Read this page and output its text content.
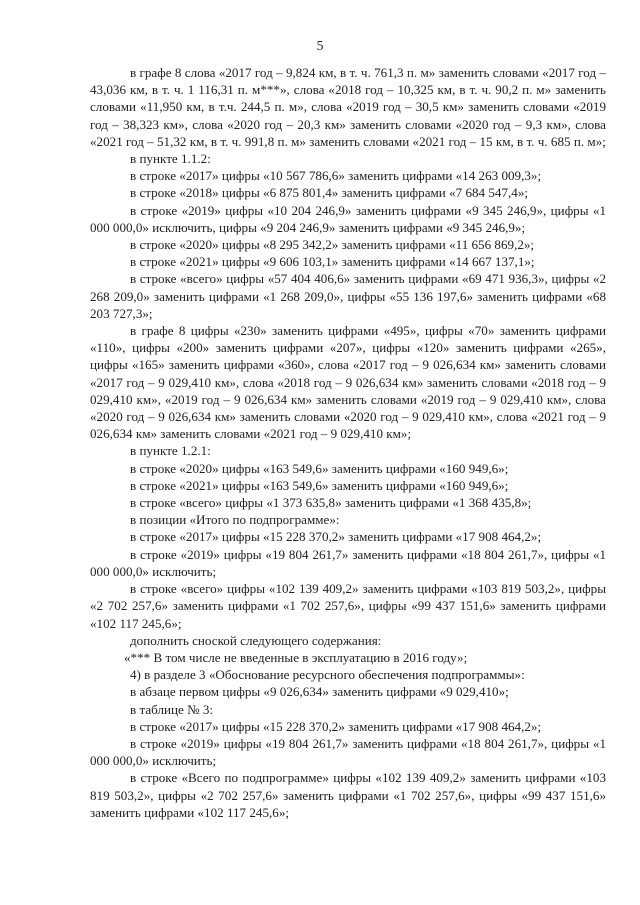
5

в графе 8 слова «2017 год – 9,824 км, в т. ч. 761,3 п. м» заменить словами «2017 год – 43,036 км, в т. ч. 1 116,31 п. м***», слова «2018 год – 10,325 км, в т. ч. 90,2 п. м» заменить словами «11,950 км, в т.ч. 244,5 п. м», слова «2019 год – 30,5 км» заменить словами «2019 год – 38,323 км», слова «2020 год – 20,3 км» заменить словами «2020 год – 9,3 км», слова «2021 год – 51,32 км, в т. ч. 991,8 п. м» заменить словами «2021 год – 15 км, в т. ч. 685 п. м»;

в пункте 1.1.2:

в строке «2017» цифры «10 567 786,6» заменить цифрами «14 263 009,3»;

в строке «2018» цифры «6 875 801,4» заменить цифрами «7 684 547,4»;

в строке «2019» цифры «10 204 246,9» заменить цифрами «9 345 246,9», цифры «1 000 000,0» исключить, цифры «9 204 246,9» заменить цифрами «9 345 246,9»;

в строке «2020» цифры «8 295 342,2» заменить цифрами «11 656 869,2»;

в строке «2021» цифры «9 606 103,1» заменить цифрами «14 667 137,1»;

в строке «всего» цифры «57 404 406,6» заменить цифрами «69 471 936,3», цифры «2 268 209,0» заменить цифрами «1 268 209,0», цифры «55 136 197,6» заменить цифрами «68 203 727,3»;

в графе 8 цифры «230» заменить цифрами «495», цифры «70» заменить цифрами «110», цифры «200» заменить цифрами «207», цифры «120» заменить цифрами «265», цифры «165» заменить цифрами «360», слова «2017 год – 9 026,634 км» заменить словами «2017 год – 9 029,410 км», слова «2018 год – 9 026,634 км» заменить словами «2018 год – 9 029,410 км», «2019 год – 9 026,634 км» заменить словами «2019 год – 9 029,410 км», слова «2020 год – 9 026,634 км» заменить словами «2020 год – 9 029,410 км», слова «2021 год – 9 026,634 км» заменить словами «2021 год – 9 029,410 км»;

в пункте 1.2.1:

в строке «2020» цифры «163 549,6» заменить цифрами «160 949,6»;

в строке «2021» цифры «163 549,6» заменить цифрами «160 949,6»;

в строке «всего» цифры «1 373 635,8» заменить цифрами «1 368 435,8»;

в позиции «Итого по подпрограмме»:

в строке «2017» цифры «15 228 370,2» заменить цифрами «17 908 464,2»;

в строке «2019» цифры «19 804 261,7» заменить цифрами «18 804 261,7», цифры «1 000 000,0» исключить;

в строке «всего» цифры «102 139 409,2» заменить цифрами «103 819 503,2», цифры «2 702 257,6» заменить цифрами «1 702 257,6», цифры «99 437 151,6» заменить цифрами «102 117 245,6»;

дополнить сноской следующего содержания:

«*** В том числе не введенные в эксплуатацию в 2016 году»;

4) в разделе 3 «Обоснование ресурсного обеспечения подпрограммы»:

в абзаце первом цифры «9 026,634» заменить цифрами «9 029,410»;

в таблице № 3:

в строке «2017» цифры «15 228 370,2» заменить цифрами «17 908 464,2»;

в строке «2019» цифры «19 804 261,7» заменить цифрами «18 804 261,7», цифры «1 000 000,0» исключить;

в строке «Всего по подпрограмме» цифры «102 139 409,2» заменить цифрами «103 819 503,2», цифры «2 702 257,6» заменить цифрами «1 702 257,6», цифры «99 437 151,6» заменить цифрами «102 117 245,6»;
